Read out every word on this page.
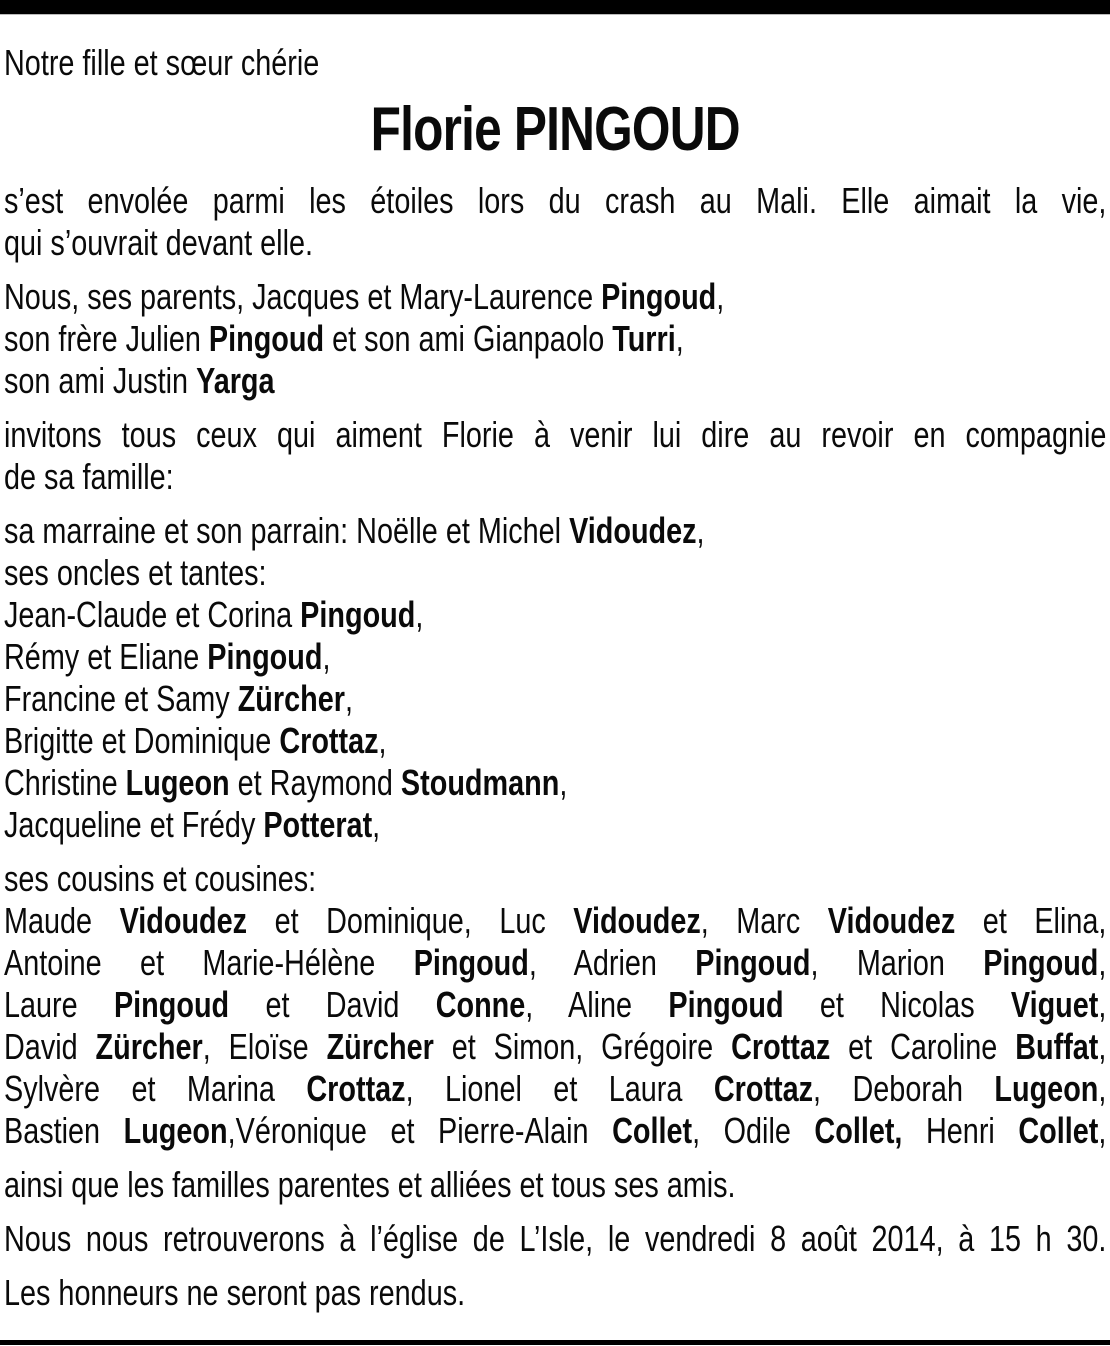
Notre fille et sœur chérie
Florie PINGOUD
s’est envolée parmi les étoiles lors du crash au Mali. Elle aimait la vie,
qui s’ouvrait devant elle.
Nous, ses parents, Jacques et Mary-Laurence Pingoud,
son frère Julien Pingoud et son ami Gianpaolo Turri,
son ami Justin Yarga
invitons tous ceux qui aiment Florie à venir lui dire au revoir en compagnie
de sa famille:
sa marraine et son parrain: Noëlle et Michel Vidoudez,
ses oncles et tantes:
Jean-Claude et Corina Pingoud,
Rémy et Eliane Pingoud,
Francine et Samy Zürcher,
Brigitte et Dominique Crottaz,
Christine Lugeon et Raymond Stoudmann,
Jacqueline et Frédy Potterat,
ses cousins et cousines:
Maude Vidoudez et Dominique, Luc Vidoudez, Marc Vidoudez et Elina,
Antoine et Marie-Hélène Pingoud, Adrien Pingoud, Marion Pingoud,
Laure Pingoud et David Conne, Aline Pingoud et Nicolas Viguet,
David Zürcher, Eloïse Zürcher et Simon, Grégoire Crottaz et Caroline Buffat,
Sylvère et Marina Crottaz, Lionel et Laura Crottaz, Deborah Lugeon,
Bastien Lugeon,Véronique et Pierre-Alain Collet, Odile Collet, Henri Collet,
ainsi que les familles parentes et alliées et tous ses amis.
Nous nous retrouverons à l’église de L’Isle, le vendredi 8 août 2014, à 15 h 30.
Les honneurs ne seront pas rendus.
